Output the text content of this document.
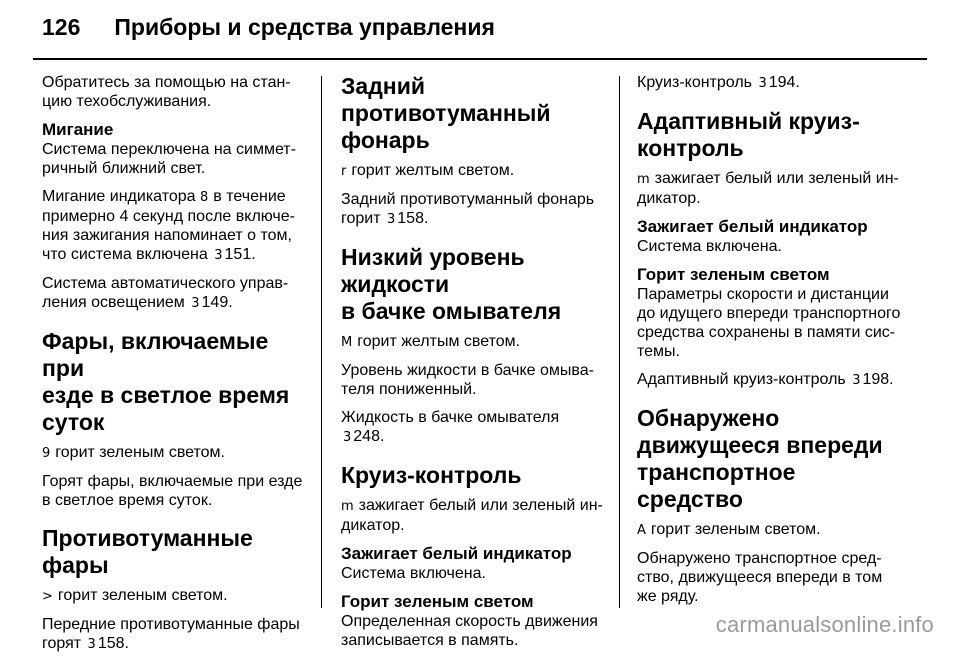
126 Приборы и средства управления

Обратитесь за помощью на стан-
цию техобслуживания.

Мигание

Система переключена на симмет-
ричный ближний свет.

Мигание индикатора 8 в течение
примерно 4 секунд после включе-
ния зажигания напоминает о том,
что система включена 3 151.

Система автоматического управ-
ления освещением 3 149.

Фары, включаемые при
езде в светлое время
суток

9 горит зеленым светом.

Горят фары, включаемые при езде
в светлое время суток.

Противотуманные фары

> горит зеленым светом.

Передние противотуманные фары
горят 3 158.

Задний
противотуманный
фонарь

r горит желтым светом.

Задний противотуманный фонарь
горит 3 158.

Низкий уровень жидкости
в бачке омывателя

M горит желтым светом.

Уровень жидкости в бачке омыва-
теля пониженный.

Жидкость в бачке омывателя
3 248.

Круиз-контроль

m зажигает белый или зеленый ин-
дикатор.

Зажигает белый индикатор

Система включена.

Горит зеленым светом

Определенная скорость движения
записывается в память.

Круиз-контроль 3 194.

Адаптивный круиз-
контроль

m зажигает белый или зеленый ин-
дикатор.

Зажигает белый индикатор

Система включена.

Горит зеленым светом

Параметры скорости и дистанции
до идущего впереди транспортного
средства сохранены в памяти сис-
темы.

Адаптивный круиз-контроль 3 198.

Обнаружено
движущееся впереди
транспортное средство

A горит зеленым светом.

Обнаружено транспортное сред-
ство, движущееся впереди в том
же ряду.

carmanualsonline.info
